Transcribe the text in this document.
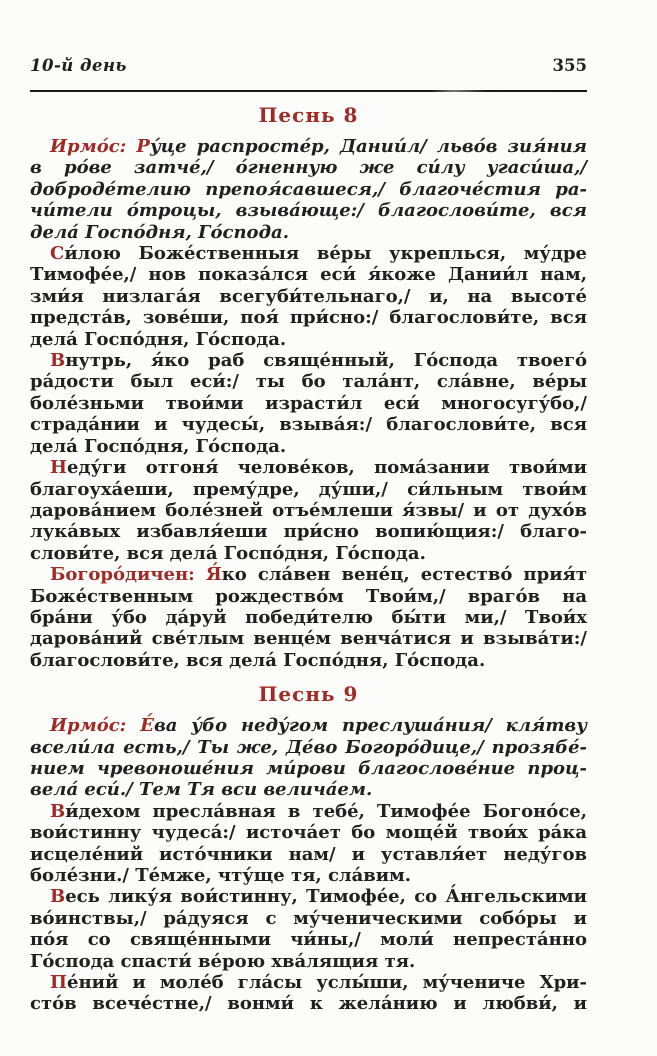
10-й день	355
Песнь 8
Ирмо́с: Ру́це распросте́р, Дании́л/ льво́в зия́ния
в ро́ве затче́,/ о́гненную же си́лу угаси́ша,/
доброде́телию препоя́савшеся,/ благоче́стия ра-
чи́тели о́троцы, взыва́юще:/ благослови́те, вся
дела́ Госпо́дня, Го́спода.
Си́лою Боже́ственныя ве́ры укреплься, му́дре
Тимофе́е,/ нов показа́лся еси́ я́коже Дании́л нам,
зми́я низлага́я всегуби́тельнаго,/ и, на высоте́
предста́в, зове́ши, поя́ при́сно:/ благослови́те, вся
дела́ Госпо́дня, Го́спода.
Внутрь, я́ко раб свяще́нный, Го́спода твоего́
ра́дости был еси́:/ ты бо тала́нт, сла́вне, ве́ры
боле́зньми твои́ми израсти́л еси́ многосугу́бо,/
страда́нии и чудесы́, взыва́я:/ благослови́те, вся
дела́ Госпо́дня, Го́спода.
Неду́ги отгоня́ челове́ков, пома́зании твои́ми
благоуха́еши, прему́дре, ду́ши,/ си́льным твои́м
дарова́нием боле́зней отъе́млеши я́звы/ и от духо́в
лука́вых избавля́еши при́сно вопию́щия:/ благо-
слови́те, вся дела́ Госпо́дня, Го́спода.
Богоро́дичен: Я́ко сла́вен вене́ц, естество́ прия́т
Боже́ственным рождество́м Твои́м,/ враго́в на
бра́ни у́бо да́руй победи́телю бы́ти ми,/ Твои́х
дарова́ний све́тлым венце́м венча́тися и взыва́ти:/
благослови́те, вся дела́ Госпо́дня, Го́спода.
Песнь 9
Ирмо́с: Е́ва у́бо неду́гом преслуша́ния/ кля́тву
всели́ла есть,/ Ты же, Де́во Богоро́дице,/ прозябе́-
нием чревоноше́ния ми́рови благослове́ние проц-
вела́ еси́./ Тем Тя вси велича́ем.
Ви́дехом пресла́вная в тебе́, Тимофе́е Богоно́се,
вои́стинну чудеса́:/ источа́ет бо моще́й твои́х ра́ка
исцеле́ний исто́чники нам/ и уставля́ет неду́гов
боле́зни./ Те́мже, чту́ще тя, сла́вим.
Весь лику́я вои́стинну, Тимофе́е, со А́нгельскими
во́инствы,/ ра́дуяся с му́ченическими собо́ры и
по́я со свяще́нными чи́ны,/ моли́ непреста́нно
Го́спода спасти́ ве́рою хва́лящия тя.
Пе́ний и моле́б гла́сы услы́ши, му́чениче Хри-
сто́в всече́стне,/ вонми́ к жела́нию и любви́, и
